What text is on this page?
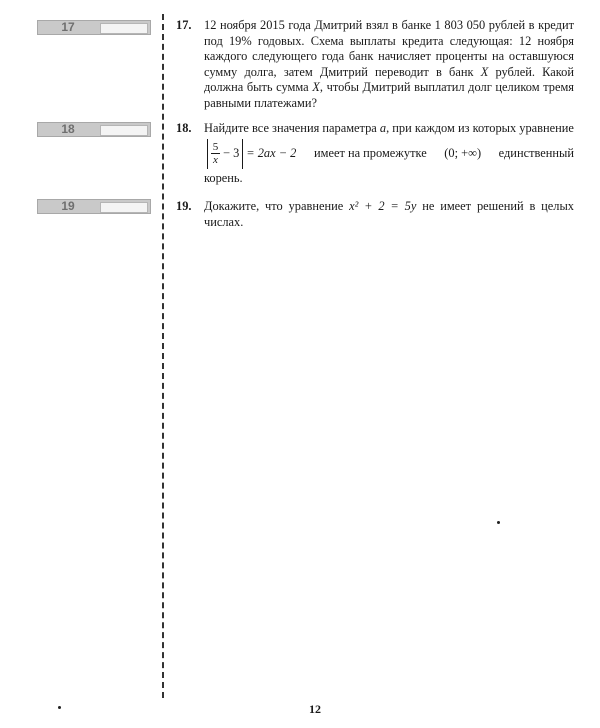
17
18
19
17. 12 ноября 2015 года Дмитрий взял в банке 1 803 050 рублей в кредит под 19% годовых. Схема выплаты кредита следующая: 12 ноября каждого следующего года банк начисляет проценты на оставшуюся сумму долга, затем Дмитрий переводит в банк X рублей. Какой должна быть сумма X, чтобы Дмитрий выплатил долг целиком тремя равными платежами?
18. Найдите все значения параметра a, при каждом из которых уравнение
$\frac{5}{x} - 3 = 2ax - 2$ имеет на промежутке (0; +∞) единственный
корень.
19. Докажите, что уравнение x² + 2 = 5y не имеет решений в целых числах.
12
